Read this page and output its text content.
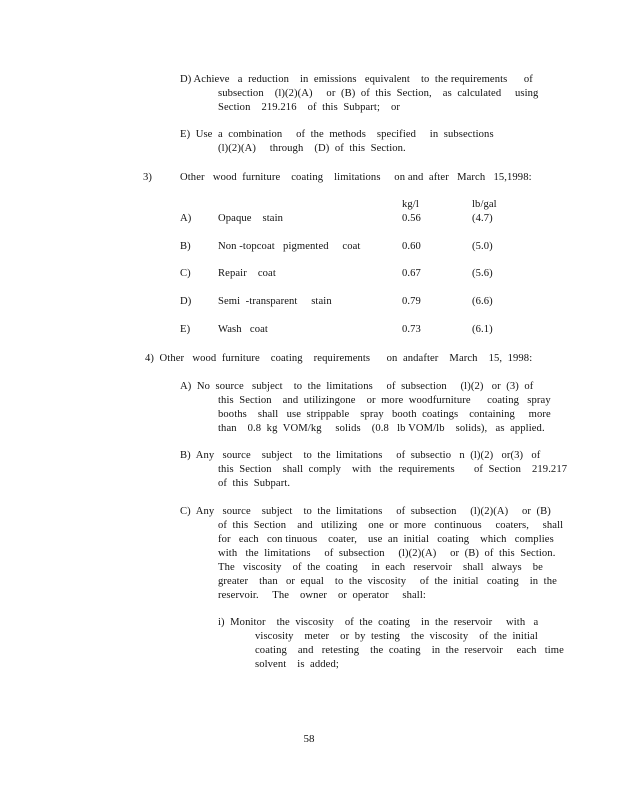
D) Achieve   a  reduction    in  emissions   equivalent    to  the requirements      of
subsection    (l)(2)(A)     or  (B)  of  this  Section,    as  calculated     using
Section    219.216    of  this  Subpart;    or
E)  Use  a  combination     of  the  methods    specified     in  subsections
(l)(2)(A)     through    (D)  of  this  Section.
3)	Other   wood  furniture    coating    limitations     on and  after   March   15,1998:
kg/l	lb/gal
A)	Opaque    stain	0.56	(4.7)
B)	Non -topcoat   pigmented     coat	0.60	(5.0)
C)	Repair    coat	0.67	(5.6)
D)	Semi  -transparent     stain	0.79	(6.6)
E)	Wash   coat	0.73	(6.1)
4)  Other   wood  furniture    coating    requirements      on  andafter    March    15,  1998:
A)  No  source   subject    to  the  limitations     of  subsection     (l)(2)   or  (3)  of
this  Section    and  utilizingone    or  more  woodfurniture      coating   spray
booths    shall   use  strippable    spray   booth  coatings    containing     more
than    0.8  kg  VOM/kg     solids    (0.8   lb VOM/lb    solids),   as  applied.
B)  Any   source    subject    to  the  limitations     of  subsectio   n  (l)(2)   or(3)   of
this  Section    shall  comply    with   the  requirements       of  Section    219.217
of  this  Subpart.
C)  Any   source    subject    to  the  limitations     of  subsection     (l)(2)(A)     or  (B)
of  this  Section    and   utilizing    one  or  more   continuous     coaters,     shall
for   each   con tinuous    coater,    use  an  initial   coating    which   complies
with   the  limitations     of  subsection     (l)(2)(A)     or  (B)  of  this  Section.
The   viscosity    of  the  coating     in  each   reservoir    shall   always    be
greater    than   or  equal    to  the  viscosity     of  the  initial   coating    in  the
reservoir.     The    owner    or  operator     shall:
i)  Monitor    the  viscosity    of  the  coating    in  the  reservoir     with   a
viscosity    meter    or  by  testing    the  viscosity    of  the  initial
coating    and   retesting    the  coating    in  the  reservoir     each   time
solvent    is  added;
58
